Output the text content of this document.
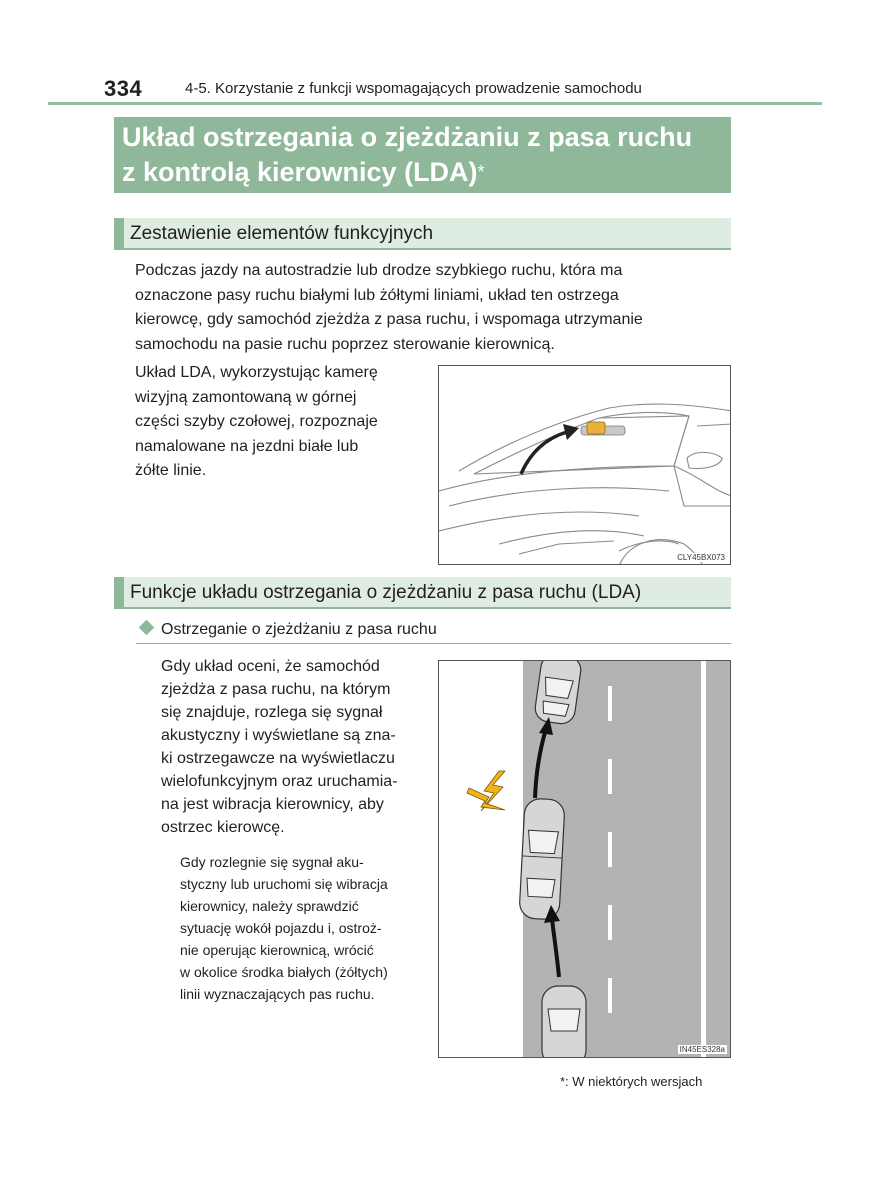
334	4-5. Korzystanie z funkcji wspomagających prowadzenie samochodu
Układ ostrzegania o zjeżdżaniu z pasa ruchu
z kontrolą kierownicy (LDA)*
Zestawienie elementów funkcyjnych
Podczas jazdy na autostradzie lub drodze szybkiego ruchu, która ma
oznaczone pasy ruchu białymi lub żółtymi liniami, układ ten ostrzega
kierowcę, gdy samochód zjeżdża z pasa ruchu, i wspomaga utrzymanie
samochodu na pasie ruchu poprzez sterowanie kierownicą.
Układ LDA, wykorzystując kamerę
wizyjną zamontowaną w górnej
części szyby czołowej, rozpoznaje
namalowane na jezdni białe lub
żółte linie.
CLY45BX073
Funkcje układu ostrzegania o zjeżdżaniu z pasa ruchu (LDA)
Ostrzeganie o zjeżdżaniu z pasa ruchu
Gdy układ oceni, że samochód
zjeżdża z pasa ruchu, na którym
się znajduje, rozlega się sygnał
akustyczny i wyświetlane są zna-
ki ostrzegawcze na wyświetlaczu
wielofunkcyjnym oraz uruchamia-
na jest wibracja kierownicy, aby
ostrzec kierowcę.
Gdy rozlegnie się sygnał aku-
styczny lub uruchomi się wibracja
kierownicy, należy sprawdzić
sytuację wokół pojazdu i, ostroż-
nie operując kierownicą, wrócić
w okolice środka białych (żółtych)
linii wyznaczających pas ruchu.
IN45ES328a
*: W niektórych wersjach
